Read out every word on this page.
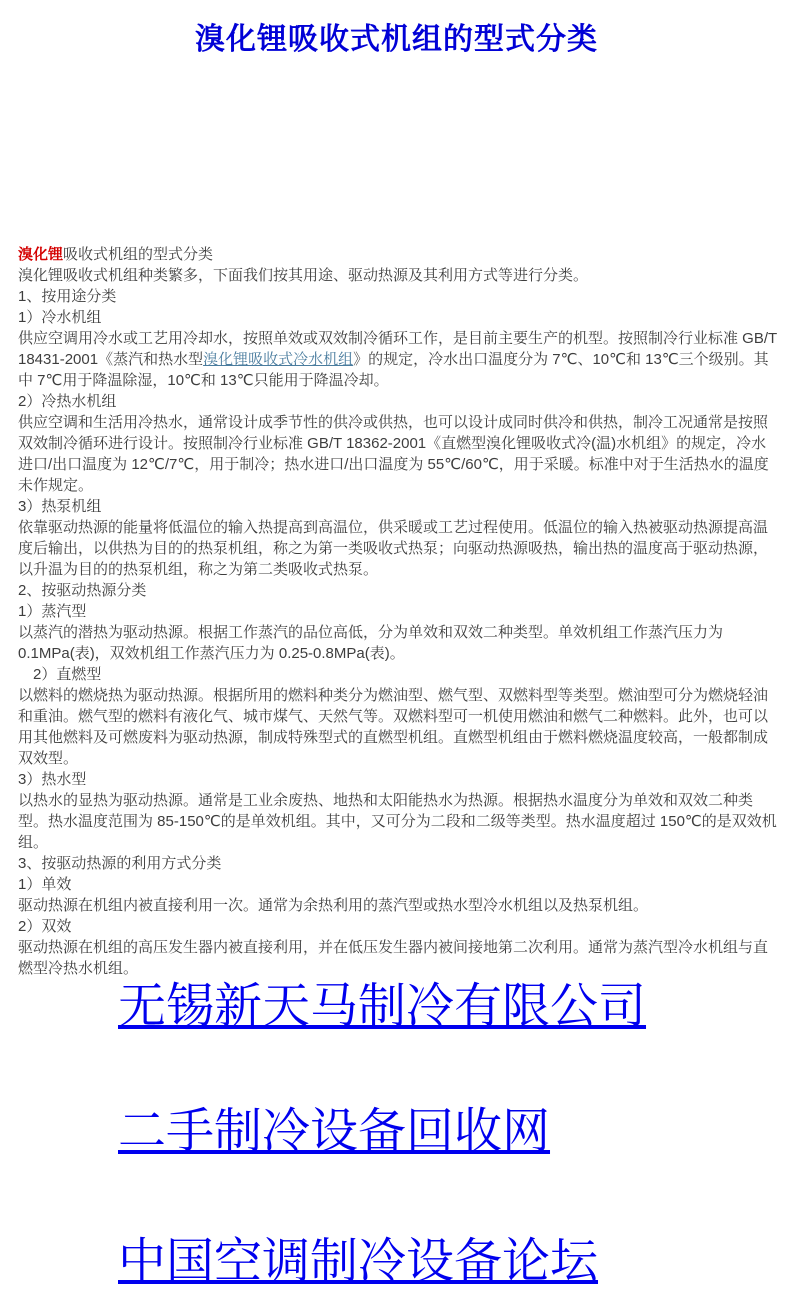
溴化锂吸收式机组的型式分类

溴化锂吸收式机组的型式分类

溴化锂吸收式机组种类繁多，下面我们按其用途、驱动热源及其利用方式等进行分类。

1、按用途分类

1）冷水机组

供应空调用冷水或工艺用冷却水，按照单效或双效制冷循环工作，是目前主要生产的机型。按照制冷行业标准 GB/T 18431-2001《蒸汽和热水型溴化锂吸收式冷水机组》的规定，冷水出口温度分为 7℃、10℃和 13℃三个级别。其中 7℃用于降温除湿，10℃和 13℃只能用于降温冷却。

2）冷热水机组

供应空调和生活用冷热水，通常设计成季节性的供冷或供热，也可以设计成同时供冷和供热，制冷工况通常是按照双效制冷循环进行设计。按照制冷行业标准 GB/T 18362-2001《直燃型溴化锂吸收式冷(温)水机组》的规定，冷水进口/出口温度为 12℃/7℃，用于制冷；热水进口/出口温度为 55℃/60℃，用于采暖。标准中对于生活热水的温度未作规定。

3）热泵机组

依靠驱动热源的能量将低温位的输入热提高到高温位，供采暖或工艺过程使用。低温位的输入热被驱动热源提高温度后输出，以供热为目的的热泵机组，称之为第一类吸收式热泵；向驱动热源吸热，输出热的温度高于驱动热源，以升温为目的的热泵机组，称之为第二类吸收式热泵。

2、按驱动热源分类

1）蒸汽型

以蒸汽的潜热为驱动热源。根据工作蒸汽的品位高低，分为单效和双效二种类型。单效机组工作蒸汽压力为 0.1MPa(表)，双效机组工作蒸汽压力为 0.25-0.8MPa(表)。

2）直燃型

以燃料的燃烧热为驱动热源。根据所用的燃料种类分为燃油型、燃气型、双燃料型等类型。燃油型可分为燃烧轻油和重油。燃气型的燃料有液化气、城市煤气、天然气等。双燃料型可一机使用燃油和燃气二种燃料。此外，也可以用其他燃料及可燃废料为驱动热源，制成特殊型式的直燃型机组。直燃型机组由于燃料燃烧温度较高，一般都制成双效型。

3）热水型

以热水的显热为驱动热源。通常是工业余废热、地热和太阳能热水为热源。根据热水温度分为单效和双效二种类型。热水温度范围为 85-150℃的是单效机组。其中，又可分为二段和二级等类型。热水温度超过 150℃的是双效机组。

3、按驱动热源的利用方式分类

1）单效

驱动热源在机组内被直接利用一次。通常为余热利用的蒸汽型或热水型冷水机组以及热泵机组。

2）双效

驱动热源在机组的高压发生器内被直接利用，并在低压发生器内被间接地第二次利用。通常为蒸汽型冷水机组与直燃型冷热水机组。

无锡新天马制冷有限公司
二手制冷设备回收网
中国空调制冷设备论坛
